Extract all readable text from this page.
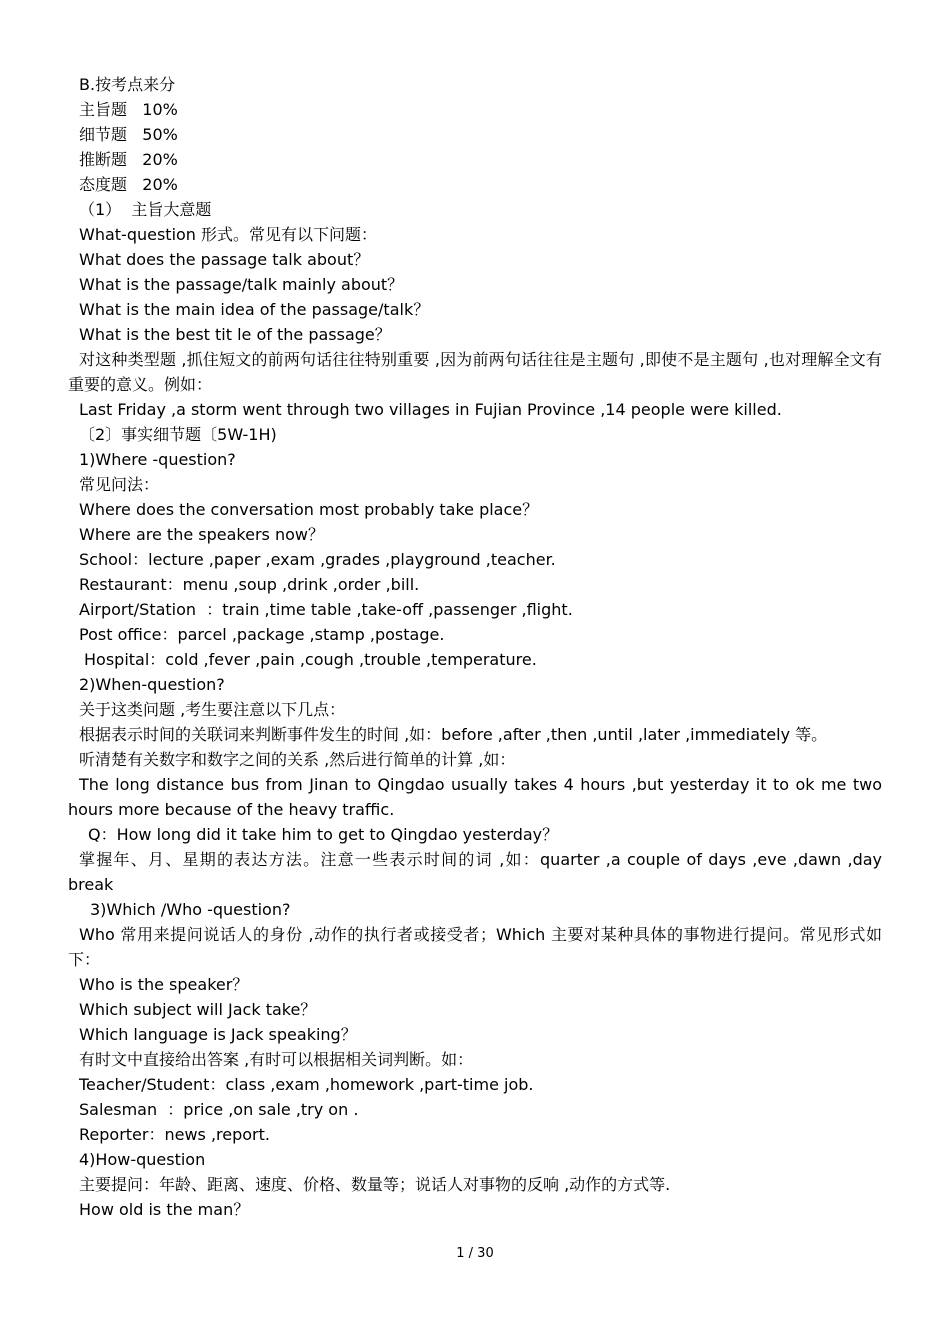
B.按考点来分

主旨题   10%

细节题   50%

推断题   20%

态度题   20%

（1）  主旨大意题

What-question 形式。常见有以下问题：

What does the passage talk about？

What is the passage/talk mainly about？

What is the main idea of the passage/talk？

What is the best tit le of the passage？

对这种类型题 ,抓住短文的前两句话往往特别重要 ,因为前两句话往往是主题句 ,即使不是主题句 ,也对理解全文有重要的意义。例如：

Last Friday ,a storm went through two villages in Fujian Province ,14 people were killed.

〔2〕事实细节题〔5W-1H)

1)Where -question?

常见问法：

Where does the conversation most probably take place？

Where are the speakers now？

School：lecture ,paper ,exam ,grades ,playground ,teacher.

Restaurant：menu ,soup ,drink ,order ,bill.

Airport/Station  ：train ,time table ,take-off ,passenger ,flight.

Post office：parcel ,package ,stamp ,postage.

Hospital：cold ,fever ,pain ,cough ,trouble ,temperature.

2)When-question?

关于这类问题 ,考生要注意以下几点：

根据表示时间的关联词来判断事件发生的时间 ,如：before ,after ,then ,until ,later ,immediately 等。

听清楚有关数字和数字之间的关系 ,然后进行简单的计算 ,如：

The long distance bus from Jinan to Qingdao usually takes 4 hours ,but yesterday it to ok me two hours more because of the heavy traffic.

Q：How long did it take him to get to Qingdao yesterday？

掌握年、月、星期的表达方法。注意一些表示时间的词 ,如：quarter ,a couple of days ,eve ,dawn ,day break

3)Which /Who -question?

Who 常用来提问说话人的身份 ,动作的执行者或接受者；Which 主要对某种具体的事物进行提问。常见形式如下：

Who is the speaker？

Which subject will Jack take？

Which language is Jack speaking？

有时文中直接给出答案 ,有时可以根据相关词判断。如：

Teacher/Student：class ,exam ,homework ,part-time job.

Salesman  ：price ,on sale ,try on .

Reporter：news ,report.

4)How-question

主要提问：年龄、距离、速度、价格、数量等；说话人对事物的反响 ,动作的方式等.

How old is the man？

1 / 30
